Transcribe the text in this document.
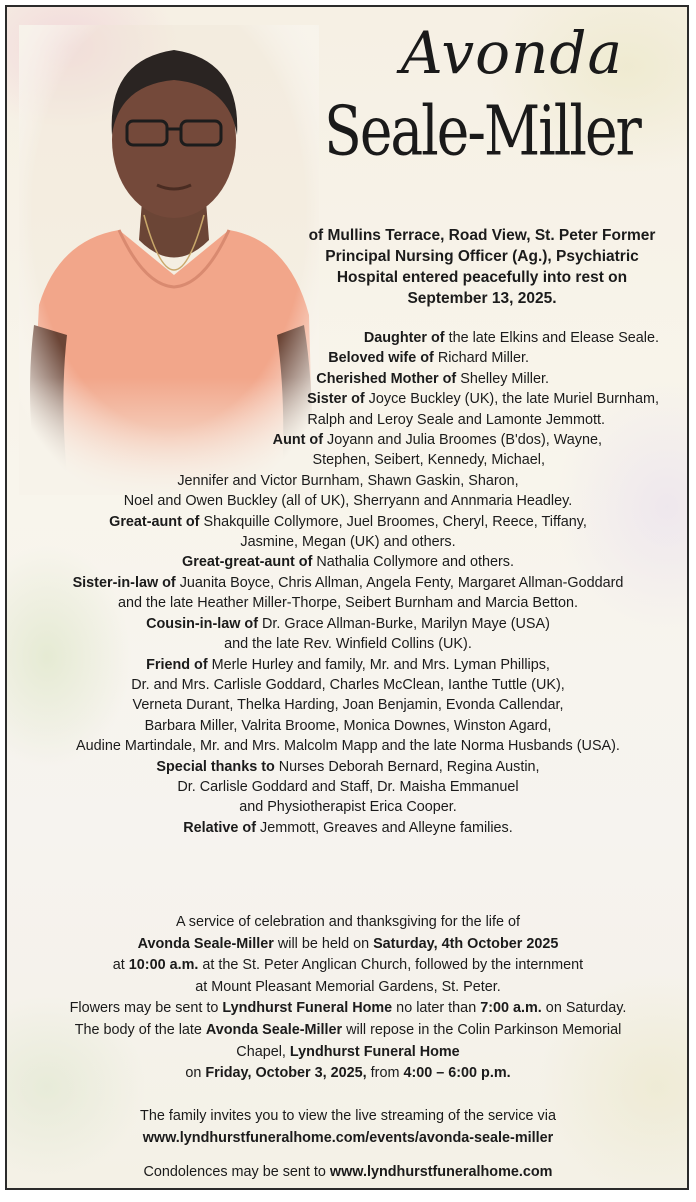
Avonda
Seale-Miller
of Mullins Terrace, Road View, St. Peter Former
Principal Nursing Officer (Ag.), Psychiatric
Hospital entered peacefully into rest on
September 13, 2025.
Daughter of the late Elkins and Elease Seale.
Beloved wife of Richard Miller.
Cherished Mother of Shelley Miller.
Sister of Joyce Buckley (UK), the late Muriel Burnham,
Ralph and Leroy Seale and Lamonte Jemmott.
Aunt of Joyann and Julia Broomes (B'dos), Wayne,
Stephen, Seibert, Kennedy, Michael,
Jennifer and Victor Burnham, Shawn Gaskin, Sharon,
Noel and Owen Buckley (all of UK), Sherryann and Annmaria Headley.
Great-aunt of Shakquille Collymore, Juel Broomes, Cheryl, Reece, Tiffany,
Jasmine, Megan (UK) and others.
Great-great-aunt of Nathalia Collymore and others.
Sister-in-law of Juanita Boyce, Chris Allman, Angela Fenty, Margaret Allman-Goddard
and the late Heather Miller-Thorpe, Seibert Burnham and Marcia Betton.
Cousin-in-law of Dr. Grace Allman-Burke, Marilyn Maye (USA)
and the late Rev. Winfield Collins (UK).
Friend of Merle Hurley and family, Mr. and Mrs. Lyman Phillips,
Dr. and Mrs. Carlisle Goddard, Charles McClean, Ianthe Tuttle (UK),
Verneta Durant, Thelka Harding, Joan Benjamin, Evonda Callendar,
Barbara Miller, Valrita Broome, Monica Downes, Winston Agard,
Audine Martindale, Mr. and Mrs. Malcolm Mapp and the late Norma Husbands (USA).
Special thanks to Nurses Deborah Bernard, Regina Austin,
Dr. Carlisle Goddard and Staff, Dr. Maisha Emmanuel
and Physiotherapist Erica Cooper.
Relative of Jemmott, Greaves and Alleyne families.
A service of celebration and thanksgiving for the life of
Avonda Seale-Miller will be held on Saturday, 4th October 2025
at 10:00 a.m. at the St. Peter Anglican Church, followed by the internment
at Mount Pleasant Memorial Gardens, St. Peter.
Flowers may be sent to Lyndhurst Funeral Home no later than 7:00 a.m. on Saturday.
The body of the late Avonda Seale-Miller will repose in the Colin Parkinson Memorial
Chapel, Lyndhurst Funeral Home
on Friday, October 3, 2025, from 4:00 – 6:00 p.m.
The family invites you to view the live streaming of the service via
www.lyndhurstfuneralhome.com/events/avonda-seale-miller
Condolences may be sent to www.lyndhurstfuneralhome.com
